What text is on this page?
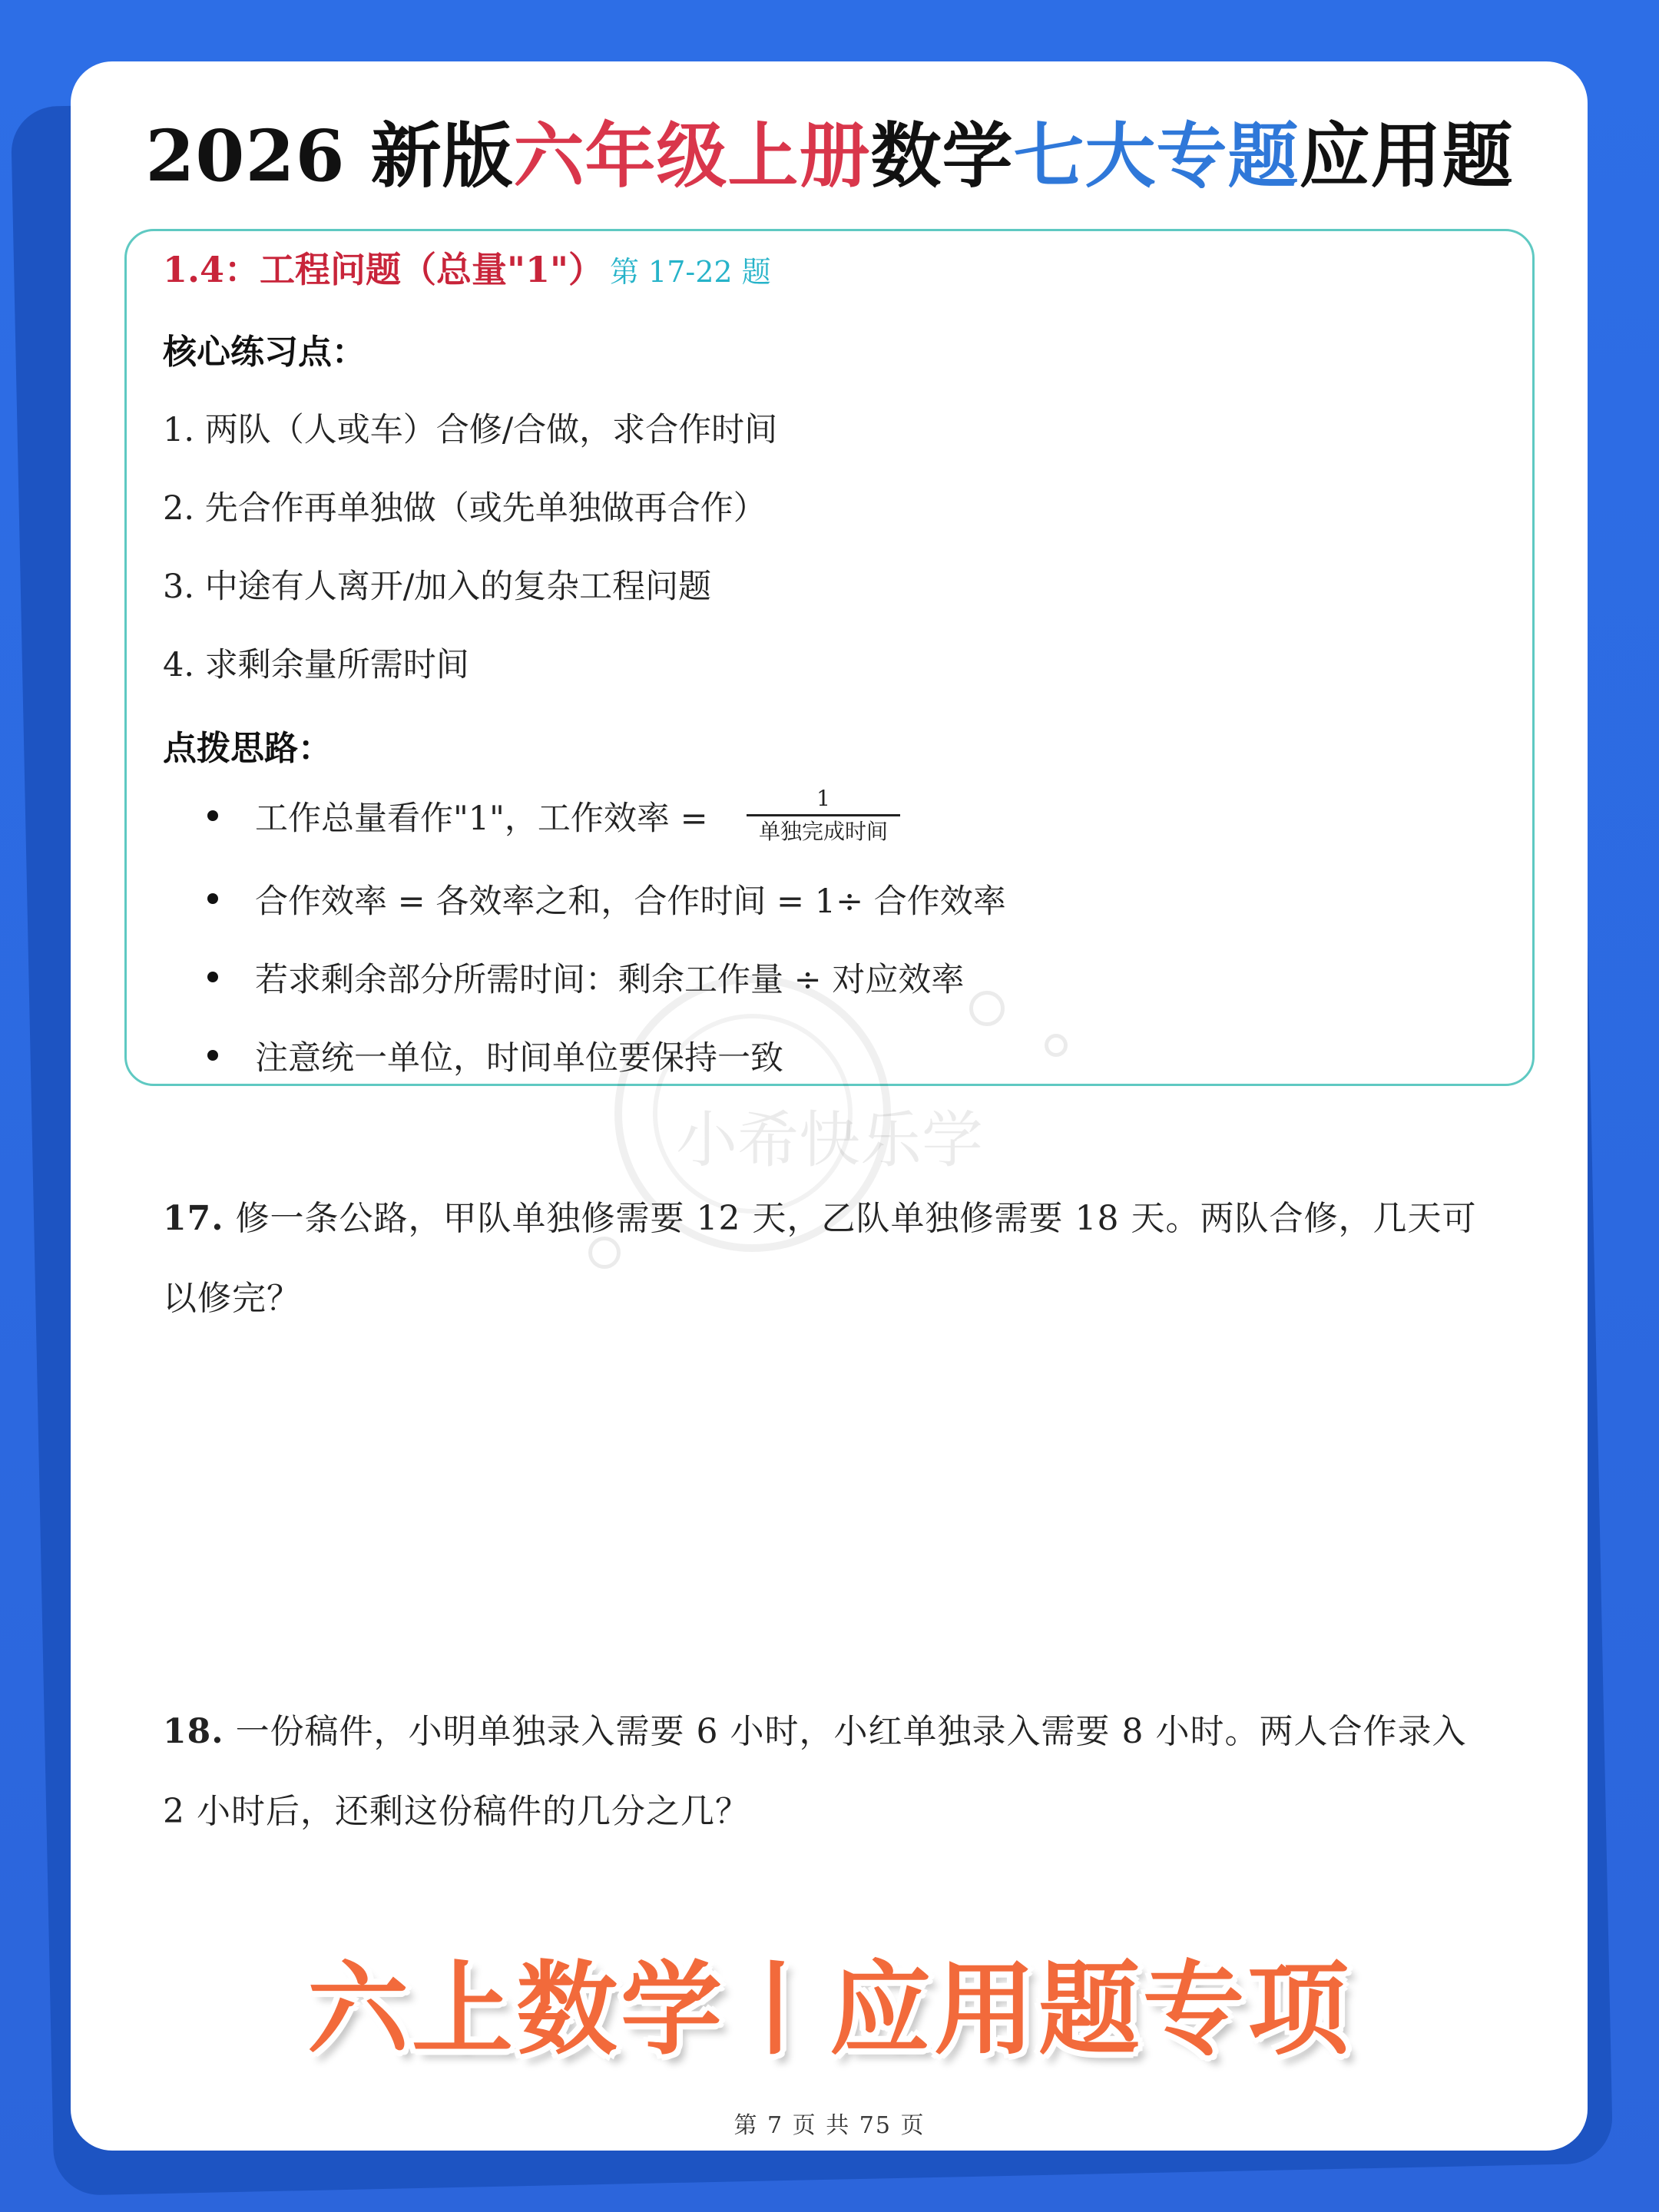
2026 新版六年级上册数学七大专题应用题
小希快乐学
1.4：工程问题（总量"1"） 第 17-22 题
核心练习点：
1. 两队（人或车）合修/合做，求合作时间
2. 先合作再单独做（或先单独做再合作）
3. 中途有人离开/加入的复杂工程问题
4. 求剩余量所需时间
点拨思路：
工作总量看作"1"，工作效率 =
1
单独完成时间
合作效率 = 各效率之和，合作时间 = 1÷ 合作效率
若求剩余部分所需时间：剩余工作量 ÷ 对应效率
注意统一单位，时间单位要保持一致
17. 修一条公路，甲队单独修需要 12 天，乙队单独修需要 18 天。两队合修，几天可
以修完？
18. 一份稿件，小明单独录入需要 6 小时，小红单独录入需要 8 小时。两人合作录入
2 小时后，还剩这份稿件的几分之几？
六上数学丨应用题专项
第 7 页 共 75 页
